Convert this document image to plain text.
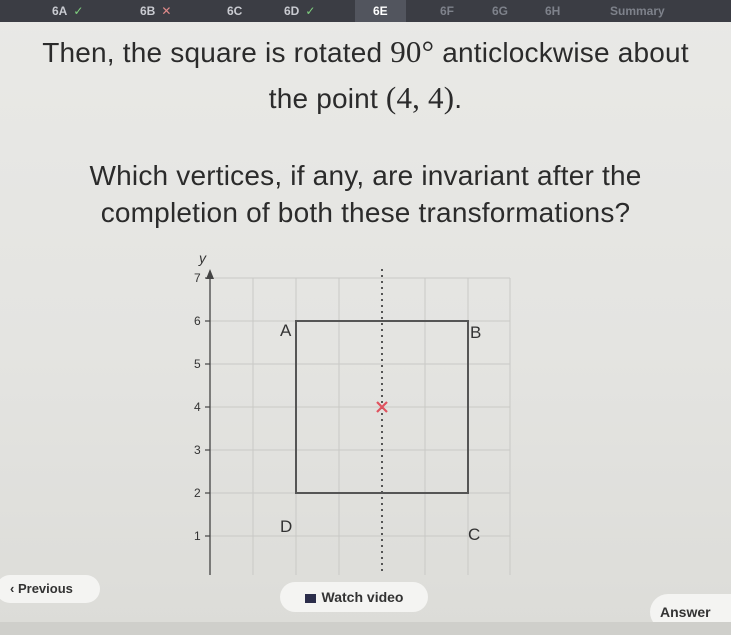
6A ✓	6B ✕	6C	6D ✓	6E	6F	6G	6H	Summary
Then, the square is rotated 90° anticlockwise about
the point (4, 4).
Which vertices, if any, are invariant after the
completion of both these transformations?
y
7
6
5
4
3
2
1
A	B
C
D
‹ Previous
Watch video
Answer
